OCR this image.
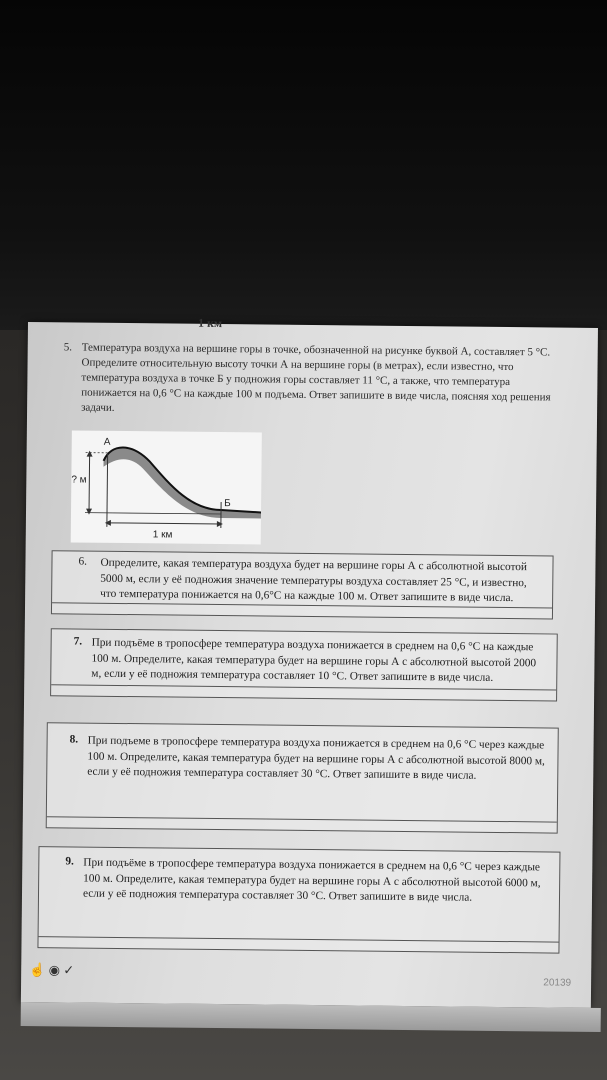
1 км
5. Температура воздуха на вершине горы в точке, обозначенной на рисунке буквой А, составляет 5 °С. Определите относительную высоту точки А на вершине горы (в метрах), если известно, что температура воздуха в точке Б у подножия горы составляет 11 °С, а также, что температура понижается на 0,6 °С на каждые 100 м подъема. Ответ запишите в виде числа, поясняя ход решения задачи.
А
Б
? м
1 км
6. Определите, какая температура воздуха будет на вершине горы А с абсолютной высотой 5000 м, если у её подножия значение температуры воздуха составляет 25 °С, и известно, что температура понижается на 0,6°С на каждые 100 м. Ответ запишите в виде числа.

7. При подъёме в тропосфере температура воздуха понижается в среднем на 0,6 °С на каждые 100 м. Определите, какая температура будет на вершине горы А с абсолютной высотой 2000 м, если у её подножия температура составляет 10 °С. Ответ запишите в виде числа.

8. При подъеме в тропосфере температура воздуха понижается в среднем на 0,6 °С через каждые 100 м. Определите, какая температура будет на вершине горы А с абсолютной высотой 8000 м, если у её подножия температура составляет 30 °С. Ответ запишите в виде числа.

9. При подъёме в тропосфере температура воздуха понижается в среднем на 0,6 °С через каждые 100 м. Определите, какая температура будет на вершине горы А с абсолютной высотой 6000 м, если у её подножия температура составляет 30 °С. Ответ запишите в виде числа.

☝ ◉ ✓
20139
